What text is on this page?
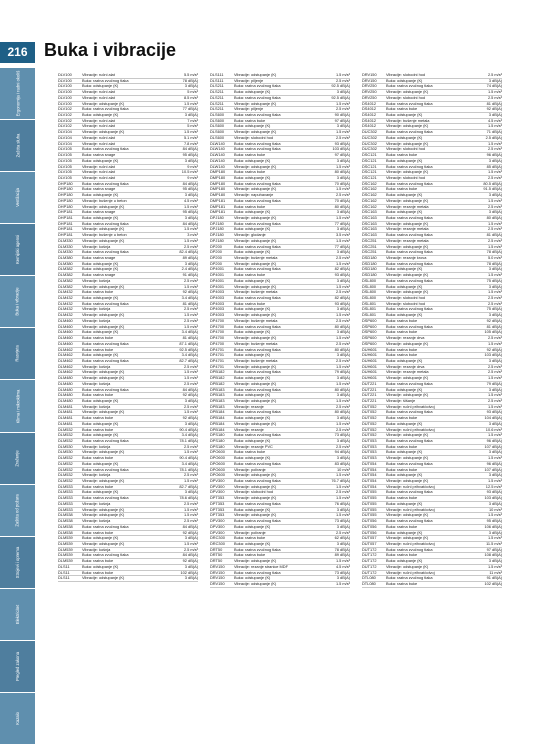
216 Buka i vibracije
Ergonomija i radni okoliš
Zaštita sluha
Ventilacija
Kemijski agensi
Buka i vibracije
Rasvjeta
Klima i mikroklima
Zračenje
Zaštita od požara
Strojevi i oprema
Elektricitet
Pregled zakona
Kazalo
DLV100	Vibracije: ručni alat	5.5 m/s²
DLV100	Buka: razina zvučnog tlaka	78 dB(A)
DLV100	Buka: odstupanje (K)	3 dB(A)
DLV100	Vibracije: ručni alat	5 m/s²
DLV100	Vibracije: ručni alat	8.5 m/s²
DLV100	Vibracije: odstupanje (K)	1.5 m/s²
DLV102	Buka: razina zvučnog tlaka	77 dB(A)
DLV102	Buka: odstupanje (K)	3 dB(A)
DLV102	Vibracije: ručni alat	7 m/s²
DLV102	Vibracije: ručni alat	5 m/s²
DLV104	Vibracije: odstupanje (K)	1.5 m/s²
DLV104	Vibracije: ručni alat	5.1 m/s²
DLV104	Vibracije: ručni alat	7.8 m/s²
DLV105	Buka: razina zvučnog tlaka	84 dB(A)
DLV105	Buka: razina snage	95 dB(A)
DLV105	Buka: odstupanje (K)	3 dB(A)
DLV105	Vibracije: ručni alat	9 m/s²
DLV105	Vibracije: ručni alat	10.5 m/s²
DLV105	Vibracije: ručni alat	9 m/s²
DHP180	Buka: razina zvučnog tlaka	84 dB(A)
DHP180	Buka: razina snage	95 dB(A)
DHP180	Buka: odstupanje (K)	3 dB(A)
DHP180	Vibracije: bušenje u beton	4.5 m/s²
DHP180	Vibracije: odstupanje (K)	1.5 m/s²
DHP181	Buka: razina snage	95 dB(A)
DHP181	Buka: odstupanje (K)	3 dB(A)
DHP181	Buka: razina zvučnog tlaka	84 dB(A)
DHP181	Vibracije: odstupanje (K)	1.5 m/s²
DHP181	Vibracije: bušenje u beton	3 m/s²
DLM330	Vibracije: odstupanje (K)	1.5 m/s²
DLM330	Vibracije: košnja	2.5 m/s²
DLM330	Buka: razina zvučnog tlaka	82.4 dB(A)
DLM380	Buka: razina snage	89 dB(A)
DLM380	Buka: odstupanje (K)	3 dB(A)
DLM382	Buka: odstupanje (K)	2.4 dB(A)
DLM382	Buka: razina snage	91 dB(A)
DLM382	Vibracije: košnja	2.5 m/s²
DLM382	Vibracije: odstupanje (K)	1.5 m/s²
DLM432	Buka: razina buke	92 dB(A)
DLM432	Buka: odstupanje (K)	3.4 dB(A)
DLM432	Buka: razina zvučnog tlaka	81 dB(A)
DLM432	Vibracije: košnja	2.5 m/s²
DLM432	Vibracije: odstupanje (K)	1.5 m/s²
DLM460	Vibracije: košnja	2.5 m/s²
DLM460	Vibracije: odstupanje (K)	1.5 m/s²
DLM460	Buka: odstupanje (K)	3.4 dB(A)
DLM460	Buka: razina buke	81 dB(A)
DLM460	Buka: razina zvučnog tlaka	87.1 dB(A)
DLM462	Buka: razina buke	92.5 dB(A)
DLM462	Buka: odstupanje (K)	3.4 dB(A)
DLM462	Buka: razina zvučnog tlaka	82.7 dB(A)
DLM462	Vibracije: košnja	2.5 m/s²
DLM462	Vibracije: odstupanje (K)	1.5 m/s²
DLM480	Vibracije: odstupanje (K)	1.5 m/s²
DLM480	Vibracije: košnja	2.5 m/s²
DLM480	Buka: razina zvučnog tlaka	84 dB(A)
DLM480	Buka: razina buke	92 dB(A)
DLM480	Buka: odstupanje (K)	3 dB(A)
DLM481	Vibracije: košnja	2.5 m/s²
DLM481	Vibracije: odstupanje (K)	1.5 m/s²
DLM481	Buka: razina buke	92 dB(A)
DLM481	Buka: odstupanje (K)	3 dB(A)
DLM532	Buka: razina buke	90.4 dB(A)
DLM532	Buka: odstupanje (K)	3.4 dB(A)
DLM532	Buka: razina zvučnog tlaka	78.1 dB(A)
DLM530	Vibracije: košnja	2.5 m/s²
DLM530	Vibracije: odstupanje (K)	1.5 m/s²
DLM532	Buka: razina buke	90.4 dB(A)
DLM532	Buka: odstupanje (K)	3.4 dB(A)
DLM532	Buka: razina zvučnog tlaka	78.1 dB(A)
DLM532	Vibracije: košnja	2.5 m/s²
DLM532	Vibracije: odstupanje (K)	1.5 m/s²
DLM533	Buka: razina buke	82.7 dB(A)
DLM533	Buka: odstupanje (K)	3 dB(A)
DLM533	Buka: razina zvučnog tlaka	78.6 dB(A)
DLM533	Vibracije: košnja	2.5 m/s²
DLM533	Vibracije: odstupanje (K)	1.5 m/s²
DLM538	Vibracije: odstupanje (K)	1.5 m/s²
DLM538	Vibracije: košnja	2.5 m/s²
DLM538	Buka: razina zvučnog tlaka	84 dB(A)
DLM538	Buka: razina buke	92 dB(A)
DLM539	Buka: odstupanje (K)	3 dB(A)
DLM539	Vibracije: odstupanje (K)	1.5 m/s²
DLM539	Vibracije: košnja	2.5 m/s²
DLM539	Buka: razina zvučnog tlaka	84 dB(A)
DLM539	Buka: razina buke	92 dB(A)
DLS11	Buka: odstupanje (K)	3 dB(A)
DLS11	Buka: razina buke	102 dB(A)
DLS11	Vibracije: odstupanje (K)	3 dB(A)
DLS111	Vibracije: odstupanje (K)	1.5 m/s²
DLS111	Vibracije: piljenje	2.5 m/s²
DLS211	Buka: razina zvučnog tlaka	92.5 dB(A)
DLS211	Buka: odstupanje (K)	3 dB(A)
DLS211	Buka: razina zvučnog tlaka	92.5 dB(A)
DLS211	Vibracije: odstupanje (K)	1.5 m/s²
DLS211	Vibracije: piljenje	2.5 m/s²
DLS600	Buka: razina zvučnog tlaka	90 dB(A)
DLS600	Buka: razina buke	97 dB(A)
DLS600	Buka: odstupanje (K)	3 dB(A)
DLS600	Vibracije: odstupanje (K)	1.5 m/s²
DLS600	Vibracije: slobodni hod	2.5 m/s²
DLW140	Buka: razina zvučnog tlaka	93 dB(A)
DLW140	Buka: razina zvučnog tlaka	103 dB(A)
DLW140	Buka: razina buke	97 dB(A)
DLW140	Buka: odstupanje (K)	3 dB(A)
DLW140	Vibracije: odstupanje (K)	1.5 m/s²
DMP180	Buka: razina buke	80 dB(A)
DMP180	Buka: odstupanje (K)	3 dB(A)
DMP180	Buka: razina zvučnog tlaka	70 dB(A)
DMP180	Vibracije: odstupanje (K)	1.5 m/s²
DMP180	Vibracije: napuhavanje	2.5 m/s²
DMP181	Buka: razina zvučnog tlaka	70 dB(A)
DMP181	Buka: razina buke	80 dB(A)
DMP181	Buka: odstupanje (K)	3 dB(A)
DPJ180	Vibracije: odstupanje (K)	1.5 m/s²
DPJ180	Buka: razina zvučnog tlaka	77 dB(A)
DPJ180	Buka: odstupanje (K)	3 dB(A)
DPJ180	Vibracije: glodanje	3.5 m/s²
DPJ180	Vibracije: odstupanje (K)	1.5 m/s²
DP200	Buka: razina zvučnog tlaka	77 dB(A)
DP200	Buka: odstupanje (K)	3 dB(A)
DP200	Vibracije: bušenje metala	2.5 m/s²
DP200	Vibracije: odstupanje (K)	1.5 m/s²
DP4001	Buka: razina zvučnog tlaka	82 dB(A)
DP4001	Buka: razina buke	93 dB(A)
DP4001	Buka: odstupanje (K)	3 dB(A)
DP4001	Vibracije: odstupanje (K)	1.5 m/s²
DP4003	Vibracije: bušenje metala	2.5 m/s²
DP4003	Buka: razina zvučnog tlaka	82 dB(A)
DP4003	Buka: razina buke	93 dB(A)
DP4003	Buka: odstupanje (K)	3 dB(A)
DP4003	Vibracije: odstupanje (K)	1.5 m/s²
DP4700	Vibracije: bušenje metala	2.5 m/s²
DP4700	Buka: razina zvučnog tlaka	80 dB(A)
DP4700	Buka: odstupanje (K)	3 dB(A)
DP4700	Vibracije: odstupanje (K)	1.5 m/s²
DP4700	Vibracije: bušenje metala	2.5 m/s²
DP4701	Buka: razina zvučnog tlaka	80 dB(A)
DP4701	Buka: odstupanje (K)	3 dB(A)
DP4701	Vibracije: bušenje metala	2.5 m/s²
DP4701	Vibracije: odstupanje (K)	1.5 m/s²
DPB182	Buka: razina zvučnog tlaka	79 dB(A)
DPB182	Buka: odstupanje (K)	3 dB(A)
DPB182	Vibracije: odstupanje (K)	1.5 m/s²
DPB183	Buka: razina zvučnog tlaka	80 dB(A)
DPB183	Buka: odstupanje (K)	3 dB(A)
DPB183	Vibracije: odstupanje (K)	1.5 m/s²
DPB183	Vibracije: rezanje	2.5 m/s²
DPB184	Buka: razina zvučnog tlaka	80 dB(A)
DPB184	Buka: odstupanje (K)	3 dB(A)
DPB184	Vibracije: odstupanje (K)	1.5 m/s²
DPB184	Vibracije: rezanje	2.5 m/s²
DPS180	Buka: razina zvučnog tlaka	73 dB(A)
DPS180	Buka: odstupanje (K)	3 dB(A)
DPS180	Vibracije: rezanje PVC	2.5 m/s²
DPO600	Buka: razina buke	94 dB(A)
DPO600	Buka: odstupanje (K)	3 dB(A)
DPO600	Buka: razina zvučnog tlaka	83 dB(A)
DPO600	Vibracije: poliranje	10 m/s²
DPO600	Vibracije: odstupanje (K)	1.5 m/s²
DPV300	Buka: razina zvučnog tlaka	76.7 dB(A)
DPV300	Vibracije: odstupanje (K)	1.5 m/s²
DPV300	Vibracije: slobodni hod	2.5 m/s²
DPT353	Vibracije: odstupanje (K)	1.5 m/s²
DPT353	Buka: razina zvučnog tlaka	76 dB(A)
DPT353	Buka: odstupanje (K)	3 dB(A)
DPT353	Vibracije: odstupanje (K)	1.5 m/s²
DPV300	Buka: razina zvučnog tlaka	73 dB(A)
DPV300	Buka: odstupanje (K)	3 dB(A)
DPV300	Vibracije: poliranje	2.5 m/s²
DRC300	Buka: razina buke	62 dB(A)
DRC300	Buka: odstupanje (K)	3 dB(A)
DRT50	Buka: razina zvučnog tlaka	78 dB(A)
DRT50	Buka: razina buke	89 dB(A)
DRT50	Vibracije: odstupanje (K)	1.5 m/s²
DRV150	Vibracije: rezanje stranice MDF	4.5 m/s²
DRV150	Buka: razina zvučnog tlaka	73 dB(A)
DRV150	Buka: odstupanje (K)	3 dB(A)
DRV150	Vibracije: odstupanje (K)	1.5 m/s²
DRV150	Vibracije: slobodni hod	2.5 m/s²
DRV150	Buka: odstupanje (K)	3 dB(A)
DRV250	Buka: razina zvučnog tlaka	74 dB(A)
DRV250	Vibracije: odstupanje (K)	1.5 m/s²
DRV250	Vibracije: slobodni hod	2.5 m/s²
DS4012	Buka: razina zvučnog tlaka	81 dB(A)
DS4012	Buka: razina buke	92 dB(A)
DS4012	Buka: odstupanje (K)	3 dB(A)
DS4012	Vibracije: bušenje metala	4.5 m/s²
DS4012	Vibracije: odstupanje (K)	1.5 m/s²
DUC302	Buka: razina zvučnog tlaka	71 dB(A)
DUC302	Buka: odstupanje (K)	2.5 dB(A)
DUC302	Vibracije: odstupanje (K)	1.5 m/s²
DUC302	Vibracije: slobodni hod	2.5 m/s²
DSC121	Buka: razina buke	96 dB(A)
DSC121	Buka: odstupanje (K)	3 dB(A)
DSC121	Buka: razina zvučnog tlaka	85 dB(A)
DSC121	Vibracije: odstupanje (K)	1.5 m/s²
DSC121	Vibracije: slobodni hod	2.5 m/s²
DSC162	Buka: razina zvučnog tlaka	80.5 dB(A)
DSC162	Buka: razina buke	91.5 dB(A)
DSC162	Buka: odstupanje (K)	3 dB(A)
DSC162	Vibracije: odstupanje (K)	1.5 m/s²
DSC162	Vibracije: rezanje metala	2.5 m/s²
DSC163	Buka: odstupanje (K)	3 dB(A)
DSC163	Buka: razina zvučnog tlaka	80 dB(A)
DSC163	Vibracije: odstupanje (K)	1.5 m/s²
DSC163	Vibracije: rezanje metala	2.5 m/s²
DSC163	Buka: razina zvučnog tlaka	81 dB(A)
DSC251	Vibracije: rezanje metala	2.5 m/s²
DSC251	Vibracije: odstupanje (K)	1.5 m/s²
DSC251	Buka: razina zvučnog tlaka	78 dB(A)
DSD180	Vibracije: rezanje krova	5.0 m/s²
DSD180	Buka: razina zvučnog tlaka	78 dB(A)
DSD180	Buka: odstupanje (K)	3 dB(A)
DSD180	Vibracije: odstupanje (K)	1.5 m/s²
DSL800	Buka: razina zvučnog tlaka	75 dB(A)
DSL800	Buka: odstupanje (K)	3 dB(A)
DSL800	Vibracije: odstupanje (K)	1.5 m/s²
DSL800	Vibracije: slobodni hod	2.5 m/s²
DSL801	Vibracije: slobodni hod	2.5 m/s²
DSL801	Buka: razina zvučnog tlaka	75 dB(A)
DSL801	Buka: odstupanje (K)	3 dB(A)
DSP600	Buka: razina buke	92 dB(A)
DSP600	Buka: razina zvučnog tlaka	81 dB(A)
DSP600	Buka: razina buke	105 dB(A)
DSP600	Vibracije: rezanje drva	2.5 m/s²
DSP600	Vibracije: odstupanje (K)	1.5 m/s²
DUH601	Buka: razina buke	92 dB(A)
DUH601	Buka: razina buke	103 dB(A)
DUH601	Buka: odstupanje (K)	3 dB(A)
DUH601	Vibracije: rezanje drva	2.5 m/s²
DUH601	Vibracije: rezanje metala	2.5 m/s²
DUH601	Vibracije: odstupanje (K)	1.5 m/s²
DUT221	Buka: razina zvučnog tlaka	79 dB(A)
DUT221	Buka: odstupanje (K)	3 dB(A)
DUT221	Vibracije: odstupanje (K)	1.5 m/s²
DUT221	Vibracije: šišanje	2.5 m/s²
DUT052	Vibracije: ručni prihvat/odvoj	1.5 m/s²
DUT052	Buka: razina zvučnog tlaka	93 dB(A)
DUT052	Buka: razina buke	104 dB(A)
DUT052	Buka: odstupanje (K)	3 dB(A)
DUT052	Vibracije: ručni prihvat/odvoj	10.6 m/s²
DUT052	Vibracije: odstupanje (K)	1.5 m/s²
DUT053	Buka: razina zvučnog tlaka	96 dB(A)
DUT053	Buka: razina buke	107 dB(A)
DUT053	Buka: odstupanje (K)	3 dB(A)
DUT053	Vibracije: odstupanje (K)	1.5 m/s²
DUT054	Buka: razina zvučnog tlaka	96 dB(A)
DUT054	Buka: razina buke	107 dB(A)
DUT054	Buka: odstupanje (K)	3 dB(A)
DUT054	Vibracije: odstupanje (K)	1.5 m/s²
DUT054	Vibracije: ručni prihvat/odvoj	12.5 m/s²
DUT055	Buka: razina zvučnog tlaka	93 dB(A)
DUT055	Buka: razina buke	103 dB(A)
DUT055	Buka: odstupanje (K)	3 dB(A)
DUT055	Vibracije: ručni prihvat/odvoj	10 m/s²
DUT055	Vibracije: odstupanje (K)	1.5 m/s²
DUT056	Buka: razina zvučnog tlaka	95 dB(A)
DUT056	Buka: razina buke	106 dB(A)
DUT056	Buka: odstupanje (K)	3 dB(A)
DUT057	Vibracije: odstupanje (K)	1.5 m/s²
DUT057	Vibracije: ručni prihvat/odvoj	11.5 m/s²
DUT172	Buka: razina zvučnog tlaka	97 dB(A)
DUT172	Buka: razina buke	108 dB(A)
DUT172	Buka: odstupanje (K)	3 dB(A)
DUT172	Vibracije: odstupanje (K)	1.5 m/s²
DUT172	Vibracije: ručni prihvat/odvoj	11 m/s²
DTL080	Buka: razina zvučnog tlaka	91 dB(A)
DTL080	Buka: razina buke	102 dB(A)
